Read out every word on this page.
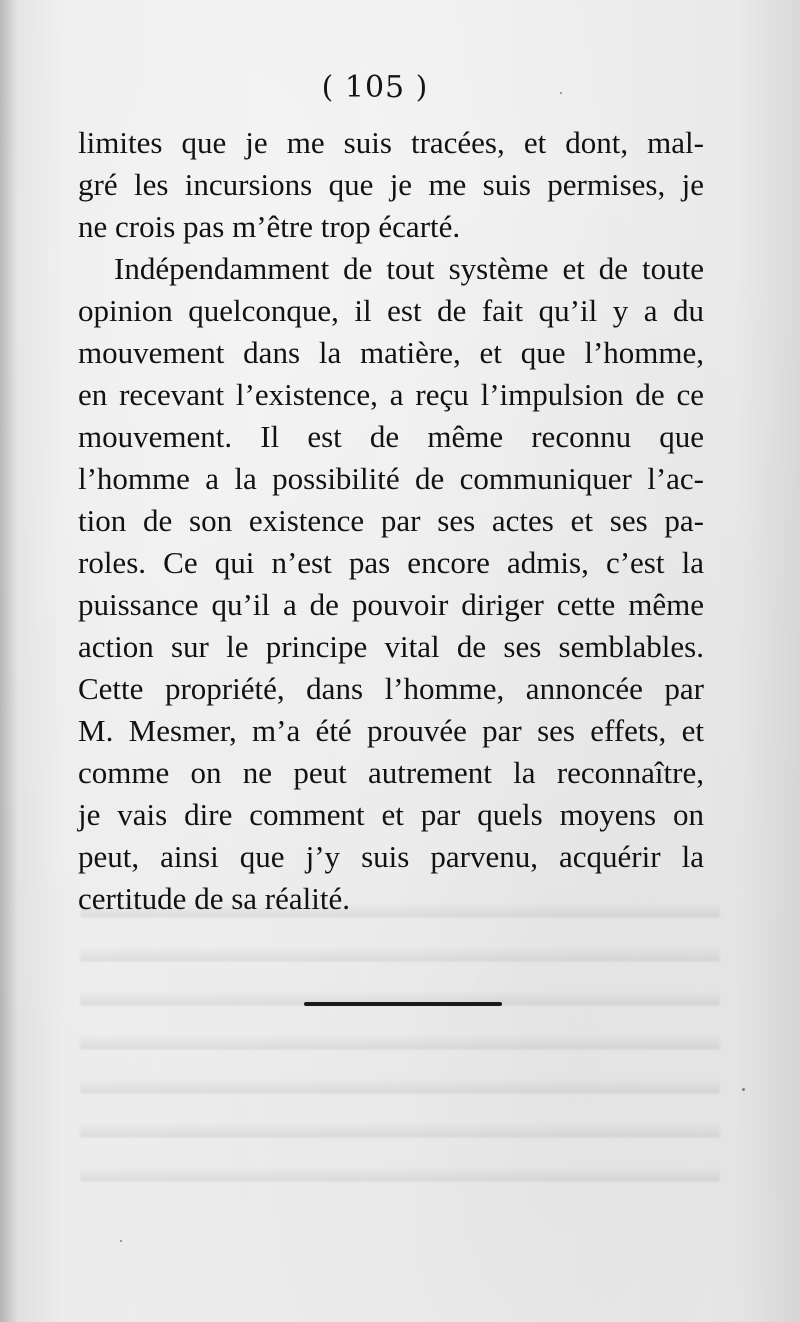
( 105 )
limites que je me suis tracées, et dont, mal-
gré les incursions que je me suis permises, je
ne crois pas m’être trop écarté.
Indépendamment de tout système et de toute
opinion quelconque, il est de fait qu’il y a du
mouvement dans la matière, et que l’homme,
en recevant l’existence, a reçu l’impulsion de ce
mouvement. Il est de même reconnu que
l’homme a la possibilité de communiquer l’ac-
tion de son existence par ses actes et ses pa-
roles. Ce qui n’est pas encore admis, c’est la
puissance qu’il a de pouvoir diriger cette même
action sur le principe vital de ses semblables.
Cette propriété, dans l’homme, annoncée par
M. Mesmer, m’a été prouvée par ses effets, et
comme on ne peut autrement la reconnaître,
je vais dire comment et par quels moyens on
peut, ainsi que j’y suis parvenu, acquérir la
certitude de sa réalité.
